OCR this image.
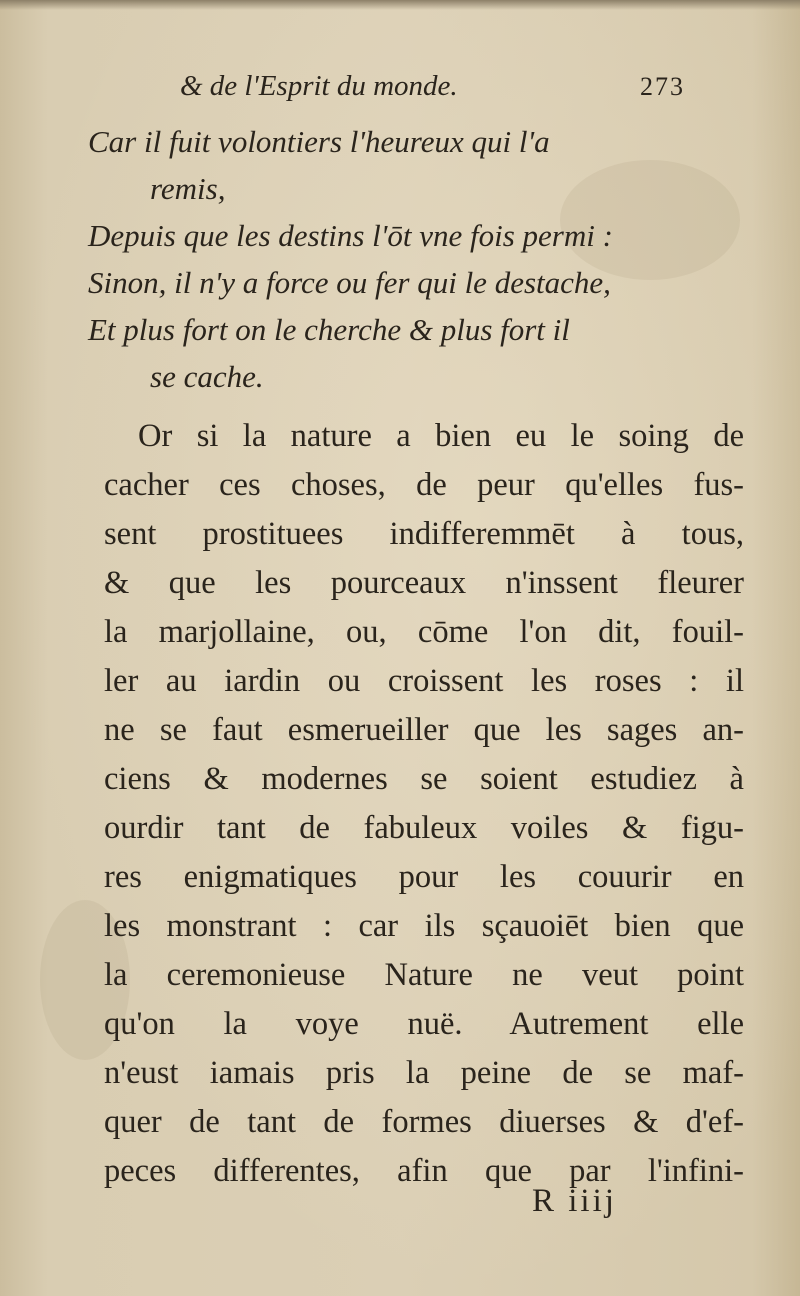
& de l'Esprit du monde.	273
Car il fuit volontiers l'heureux qui l'a
remis,
Depuis que les destins l'ōt vne fois permi :
Sinon, il n'y a force ou fer qui le destache,
Et plus fort on le cherche & plus fort il
se cache.
Or si la nature a bien eu le soing de
cacher ces choses, de peur qu'elles fus-
sent prostituees indifferemmēt à tous,
& que les pourceaux n'inssent fleurer
la marjollaine, ou, cōme l'on dit, fouil-
ler au iardin ou croissent les roses : il
ne se faut esmerueiller que les sages an-
ciens & modernes se soient estudiez à
ourdir tant de fabuleux voiles & figu-
res enigmatiques pour les couurir en
les monstrant : car ils sçauoiēt bien que
la ceremonieuse Nature ne veut point
qu'on la voye nuë. Autrement elle
n'eust iamais pris la peine de se maf-
quer de tant de formes diuerses & d'ef-
peces differentes, afin que par l'infini-
R iiij
